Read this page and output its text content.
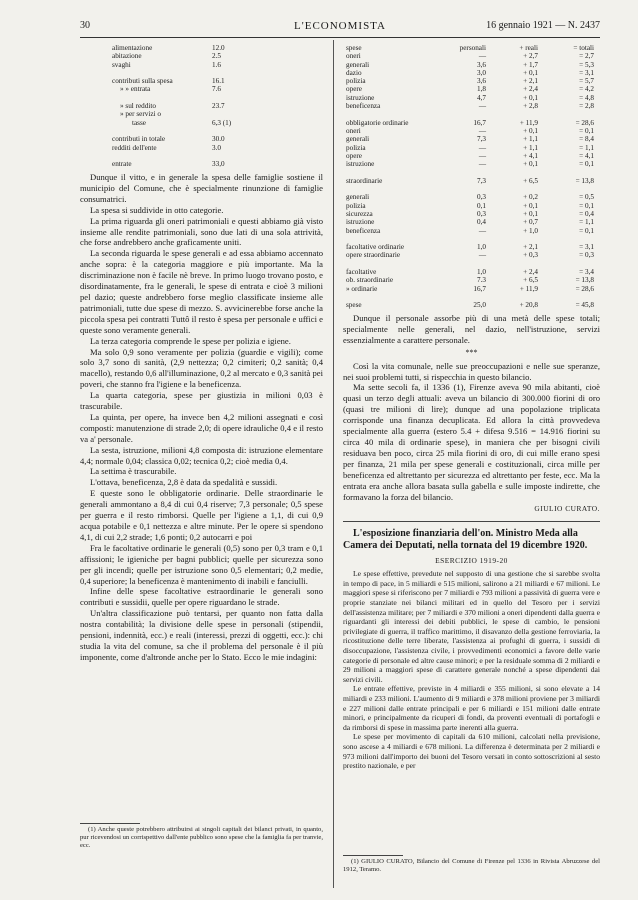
30	L'ECONOMISTA	16 gennaio 1921 — N. 2437
alimentazione	12.0
abitazione	2.5
svaghi	1.6
contributi sulla spesa	16.1
» » entrata	7.6
» sul reddito	23.7
» per servizi o
tasse	6,3 (1)
contributi in totale	30.0
redditi dell'ente	3.0
entrate	33,0

Dunque il vitto, e in generale la spesa delle famiglie sostiene il municipio del Comune, che è specialmente rinunzione di famiglie consumatrici.

La spesa si suddivide in otto categorie.

La prima riguarda gli oneri patrimoniali e questi abbiamo già visto insieme alle rendite patrimoniali, sono due lati di una sola attrività, che forse andrebbero anche graficamente uniti.

La seconda riguarda le spese generali e ad essa abbiamo accennato anche sopra: è la categoria maggiore e più importante. Ma la discriminazione non è facile nè breve. In primo luogo trovano posto, e disordinatamente, fra le generali, le spese di entrata e cioè 3 milioni pel dazio; queste andrebbero forse meglio classificate insieme alle patrimoniali, tutte due spese di mezzo. S. avvicinerebbe forse anche la piccola spesa pei contratti Tuttô il resto è spesa per personale e uffici e queste sono veramente generali.

La terza categoria comprende le spese per polizia e igiene.

Ma solo 0,9 sono veramente per polizia (guardie e vigili); come solo 3,7 sono di sanità, (2,9 nettezza; 0,2 cimiteri; 0,2 sanità; 0,4 macello), restando 0,6 all'illuminazione, 0,2 al mercato e 0,3 sanità pei poveri, che stanno fra l'igiene e la beneficenza.

La quarta categoria, spese per giustizia in milioni 0,03 è trascurabile.

La quinta, per opere, ha invece ben 4,2 milioni assegnati e così composti: manutenzione di strade 2,0; di opere idrauliche 0,4 e il resto va a' personale.

La sesta, istruzione, milioni 4,8 composta di: istruzione elementare 4,4; normale 0,04; classica 0,02; tecnica 0,2; cioè media 0,4.

La settima è trascurabile.

L'ottava, beneficenza, 2,8 è data da spedalità e sussidi.

E queste sono le obbligatorie ordinarie. Delle straordinarie le generali ammontano a 8,4 di cui 0,4 riserve; 7,3 personale; 0,5 spese per guerra e il resto rimborsi. Quelle per l'igiene a 1,1, di cui 0,9 acqua potabile e 0,1 nettezza e altre minute. Per le opere si spendono 4,1, di cui 2,2 strade; 1,6 ponti; 0,2 autocarri e poi

Fra le facoltative ordinarie le generali (0,5) sono per 0,3 tram e 0,1 affissioni; le igieniche per bagni pubblici; quelle per sicurezza sono per gli incendi; quelle per istruzione sono 0,5 elementari; 0,2 medie, 0,4 superiore; la beneficenza è mantenimento di inabili e fanciulli.

Infine delle spese facoltative estraordinarie le generali sono contributi e sussidii, quelle per opere riguardano le strade.

Un'altra classificazione può tentarsi, per quanto non fatta dalla nostra contabilità; la divisione delle spese in personali (stipendii, pensioni, indennità, ecc.) e reali (interessi, prezzi di oggetti, ecc.): chi studia la vita del comune, sa che il problema del personale è il più imponente, come d'altronde anche per lo Stato. Ecco le mie indagini:

(1) Anche queste potrebbero attribuirsi ai singoli capitali dei bilanci privati, in quanto, pur ricevendosi un corrispettivo dall'ente pubblico sono spese che la famiglia fa per tranvie, ecc.

spese	personali	+ reali	= totali
oneri	—	+ 2,7	= 2,7
generali	3,6	+ 1,7	= 5,3
dazio	3,0	+ 0,1	= 3,1
polizia	3,6	+ 2,1	= 5,7
opere	1,8	+ 2,4	= 4,2
istruzione	4,7	+ 0,1	= 4,8
beneficenza	—	+ 2,8	= 2,8
obbligatorie ordinarie	16,7	+ 11,9	= 28,6
oneri	—	+ 0,1	= 0,1
generali	7,3	+ 1,1	= 8,4
polizia	—	+ 1,1	= 1,1
opere	—	+ 4,1	= 4,1
istruzione	—	+ 0,1	= 0,1
straordinarie	7,3	+ 6,5	= 13,8
generali	0,3	+ 0,2	= 0,5
polizia	0,1	+ 0,1	= 0,1
sicurezza	0,3	+ 0,1	= 0,4
istruzione	0,4	+ 0,7	= 1,1
beneficenza	—	+ 1,0	= 0,1
facoltative ordinarie	1,0	+ 2,1	= 3,1
opere straordinarie	—	+ 0,3	= 0,3
facoltative	1,0	+ 2,4	= 3,4
ob. straordinarie	7.3	+ 6,5	= 13,8
» ordinarie	16,7	+ 11,9	= 28,6
spese	25,0	+ 20,8	= 45,8

Dunque il personale assorbe più di una metà delle spese totali; specialmente nelle generali, nel dazio, nell'istruzione, servizi essenzialmente a carattere personale.

***

Così la vita comunale, nelle sue preoccupazioni e nelle sue speranze, nei suoi problemi tutti, si rispecchia in questo bilancio.

Ma sette secoli fa, il 1336 (1), Firenze aveva 90 mila abitanti, cioè quasi un terzo degli attuali: aveva un bilancio di 300.000 fiorini di oro (quasi tre milioni di lire); dunque ad una popolazione triplicata corrisponde una finanza decuplicata. Ed allora la città provvedeva specialmente alla guerra (estero 5.4 + difesa 9.516 = 14.916 fiorini su circa 40 mila di ordinarie spese), in maniera che per bisogni civili residuava ben poco, circa 25 mila fiorini di oro, di cui mille erano spesi per finanza, 21 mila per spese generali e costituzionali, circa mille per beneficenza ed altrettanto per sicurezza ed altrettanto per feste, ecc. Ma la entrata era anche allora basata sulla gabella e sulle imposte indirette, che formavano la forza del bilancio.

GIULIO CURATO.

L'esposizione finanziaria dell'on. Ministro Meda alla Camera dei Deputati, nella tornata del 19 dicembre 1920.

ESERCIZIO 1919-20

Le spese effettive, prevedute nel supposto di una gestione che si sarebbe svolta in tempo di pace, in 5 miliardi e 515 milioni, salirono a 21 miliardi e 67 milioni. Le maggiori spese si riferiscono per 7 miliardi e 793 milioni a passività di guerra vere e proprie stanziate nei bilanci militari ed in quello del Tesoro per i servizi dell'assistenza militare; per 7 miliardi e 370 milioni a oneri dipendenti dalla guerra e riguardanti gli interessi dei debiti pubblici, le spese di cambio, le pensioni privilegiate di guerra, il traffico marittimo, il disavanzo della gestione ferroviaria, la ricostituzione delle terre liberate, l'assistenza ai profughi di guerra, i sussidi di disoccupazione, l'assistenza civile, i provvedimenti economici a favore delle varie categorie di personale ed altre cause minori; e per la residuale somma di 2 miliardi e 29 milioni a maggiori spese di carattere generale nonché a spese dipendenti dai servizi civili.

Le entrate effettive, previste in 4 miliardi e 355 milioni, si sono elevate a 14 miliardi e 233 milioni. L'aumento di 9 miliardi e 378 milioni proviene per 3 miliardi e 227 milioni dalle entrate principali e per 6 miliardi e 151 milioni dalle entrate minori, e principalmente da ricuperi di fondi, da proventi eventuali di portafogli e da rimborsi di spese in massima parte inerenti alla guerra.

Le spese per movimento di capitali da 610 milioni, calcolati nella previsione, sono ascese a 4 miliardi e 678 milioni. La differenza è determinata per 2 miliardi e 973 milioni dall'importo dei buoni del Tesoro versati in conto sottoscrizioni al sesto prestito nazionale, e per

(1) GIULIO CURATO, Bilancio del Comune di Firenze pel 1336 in Rivista Abruzzese del 1912, Teramo.
